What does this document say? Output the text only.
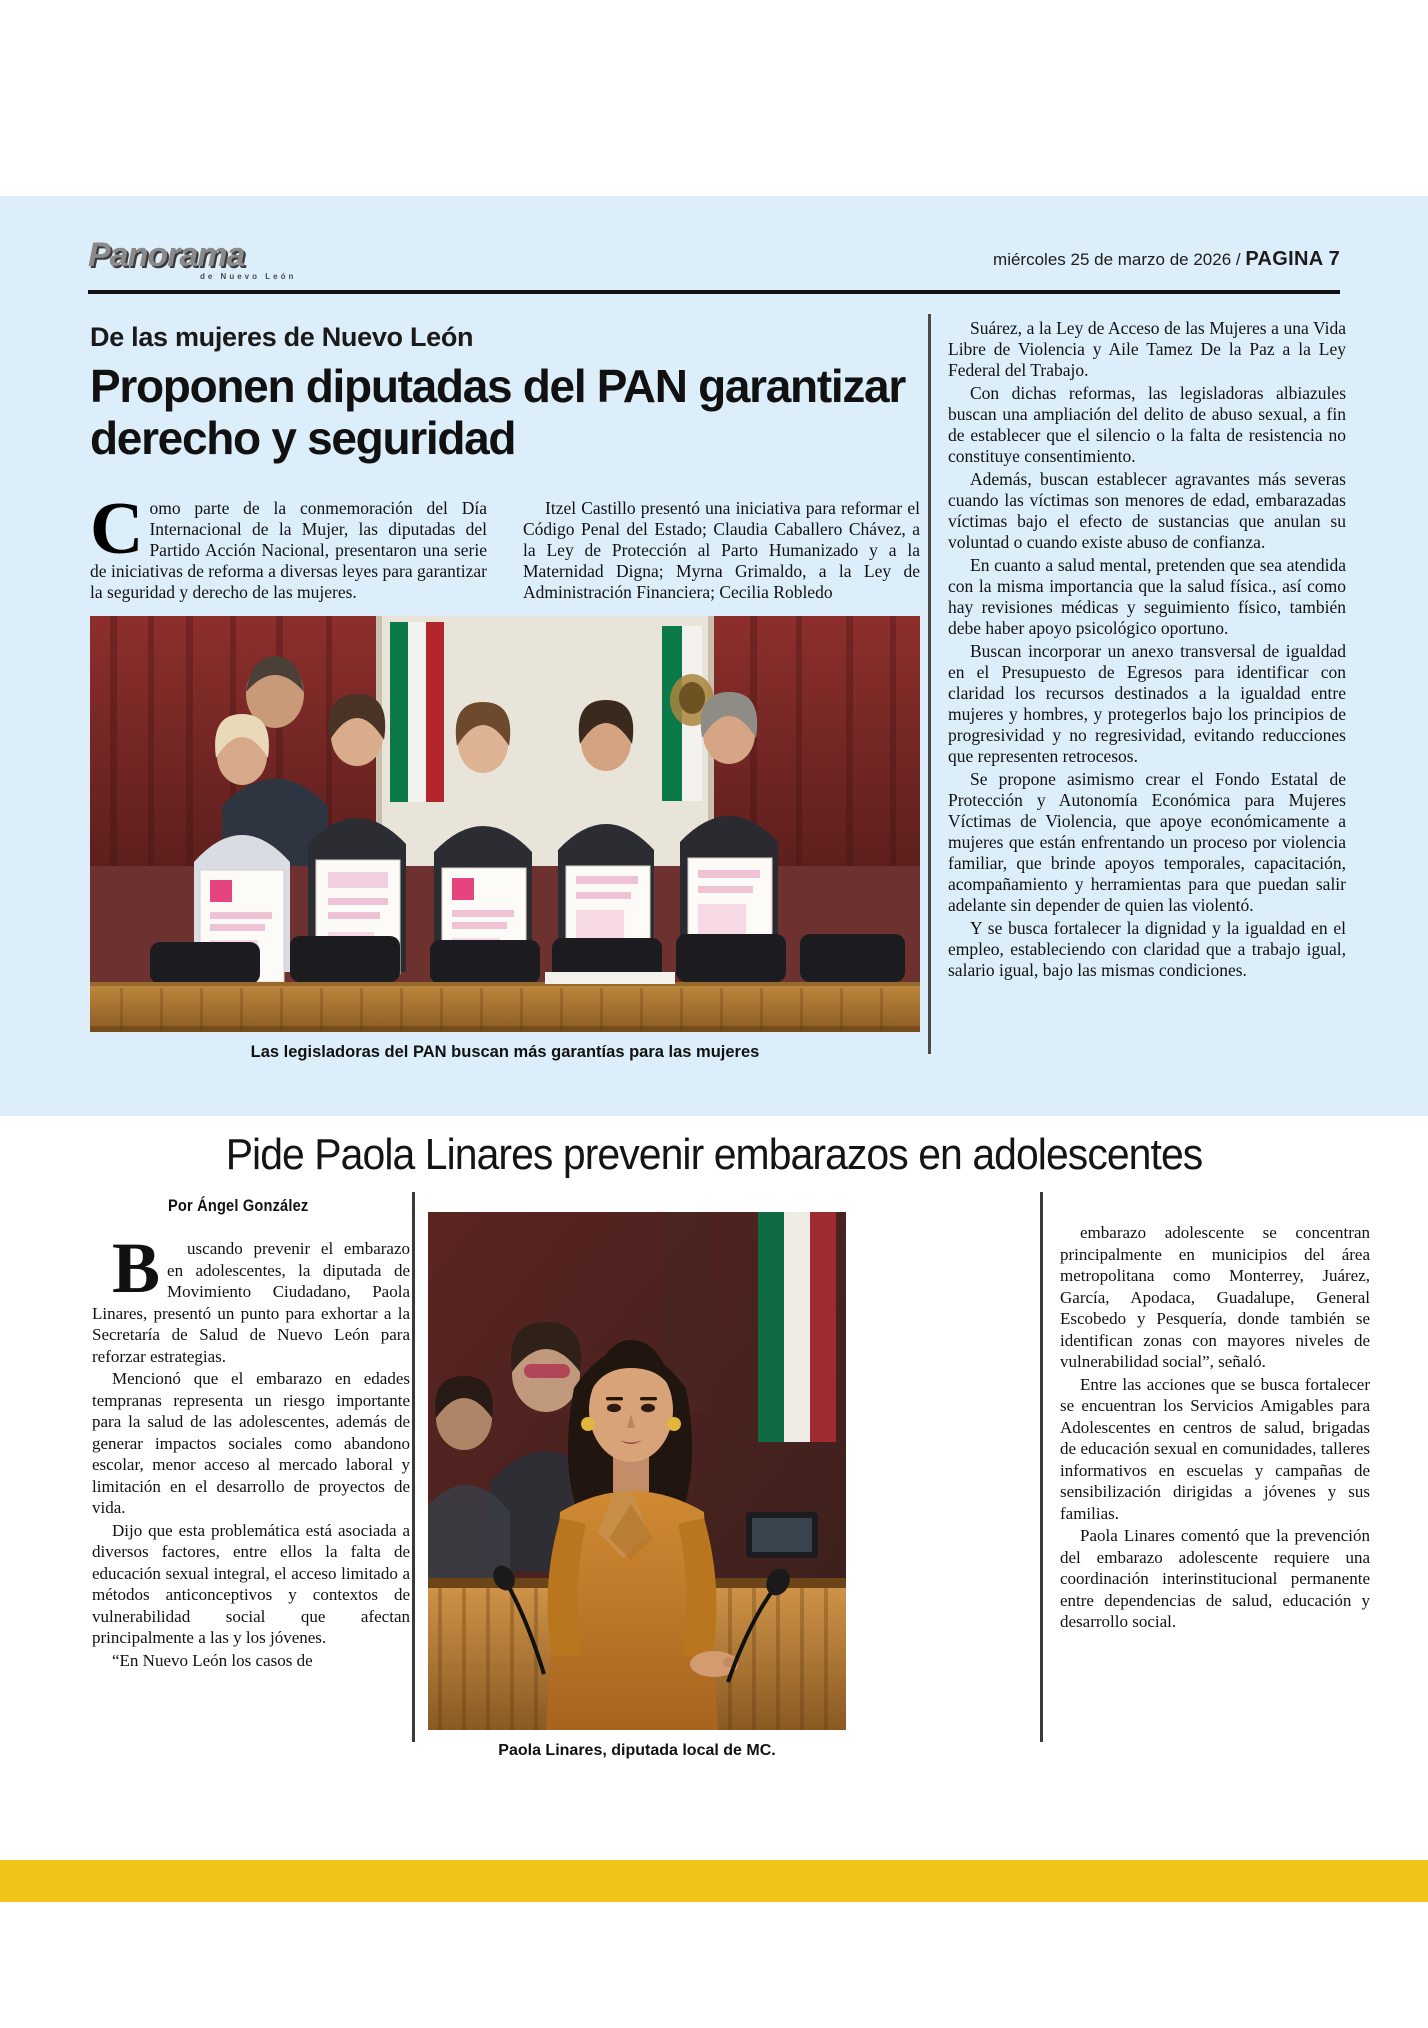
Panorama
de Nuevo León
miércoles 25 de marzo de 2026 / PAGINA 7
De las mujeres de Nuevo León
Proponen diputadas del PAN garantizar derecho y seguridad

Como parte de la conmemoración del Día Internacional de la Mujer, las diputadas del Partido Acción Nacional, presentaron una serie de iniciativas de reforma a diversas leyes para garantizar la seguridad y derecho de las mujeres.

Itzel Castillo presentó una iniciativa para reformar el Código Penal del Estado; Claudia Caballero Chávez, a la Ley de Protección al Parto Humanizado y a la Maternidad Digna; Myrna Grimaldo, a la Ley de Administración Financiera; Cecilia Robledo

Las legisladoras del PAN buscan más garantías para las mujeres

Suárez, a la Ley de Acceso de las Mujeres a una Vida Libre de Violencia y Aile Tamez De la Paz a la Ley Federal del Trabajo.

Con dichas reformas, las legisladoras albiazules buscan una ampliación del delito de abuso sexual, a fin de establecer que el silencio o la falta de resistencia no constituye consentimiento.

Además, buscan establecer agravantes más severas cuando las víctimas son menores de edad, embarazadas víctimas bajo el efecto de sustancias que anulan su voluntad o cuando existe abuso de confianza.

En cuanto a salud mental, pretenden que sea atendida con la misma importancia que la salud física., así como hay revisiones médicas y seguimiento físico, también debe haber apoyo psicológico oportuno.

Buscan incorporar un anexo transversal de igualdad en el Presupuesto de Egresos para identificar con claridad los recursos destinados a la igualdad entre mujeres y hombres, y protegerlos bajo los principios de progresividad y no regresividad, evitando reducciones que representen retrocesos.

Se propone asimismo crear el Fondo Estatal de Protección y Autonomía Económica para Mujeres Víctimas de Violencia, que apoye económicamente a mujeres que están enfrentando un proceso por violencia familiar, que brinde apoyos temporales, capacitación, acompañamiento y herramientas para que puedan salir adelante sin depender de quien las violentó.

Y se busca fortalecer la dignidad y la igualdad en el empleo, estableciendo con claridad que a trabajo igual, salario igual, bajo las mismas condiciones.

Pide Paola Linares prevenir embarazos en adolescentes
Por Ángel González

Buscando prevenir el embarazo en adolescentes, la diputada de Movimiento Ciudadano, Paola Linares, presentó un punto para exhortar a la Secretaría de Salud de Nuevo León para reforzar estrategias.

Mencionó que el embarazo en edades tempranas representa un riesgo importante para la salud de las adolescentes, además de generar impactos sociales como abandono escolar, menor acceso al mercado laboral y limitación en el desarrollo de proyectos de vida.

Dijo que esta problemática está asociada a diversos factores, entre ellos la falta de educación sexual integral, el acceso limitado a métodos anticonceptivos y contextos de vulnerabilidad social que afectan principalmente a las y los jóvenes.

“En Nuevo León los casos de

embarazo adolescente se concentran principalmente en municipios del área metropolitana como Monterrey, Juárez, García, Apodaca, Guadalupe, General Escobedo y Pesquería, donde también se identifican zonas con mayores niveles de vulnerabilidad social”, señaló.

Entre las acciones que se busca fortalecer se encuentran los Servicios Amigables para Adolescentes en centros de salud, brigadas de educación sexual en comunidades, talleres informativos en escuelas y campañas de sensibilización dirigidas a jóvenes y sus familias.

Paola Linares comentó que la prevención del embarazo adolescente requiere una coordinación interinstitucional permanente entre dependencias de salud, educación y desarrollo social.

Paola Linares, diputada local de MC.
